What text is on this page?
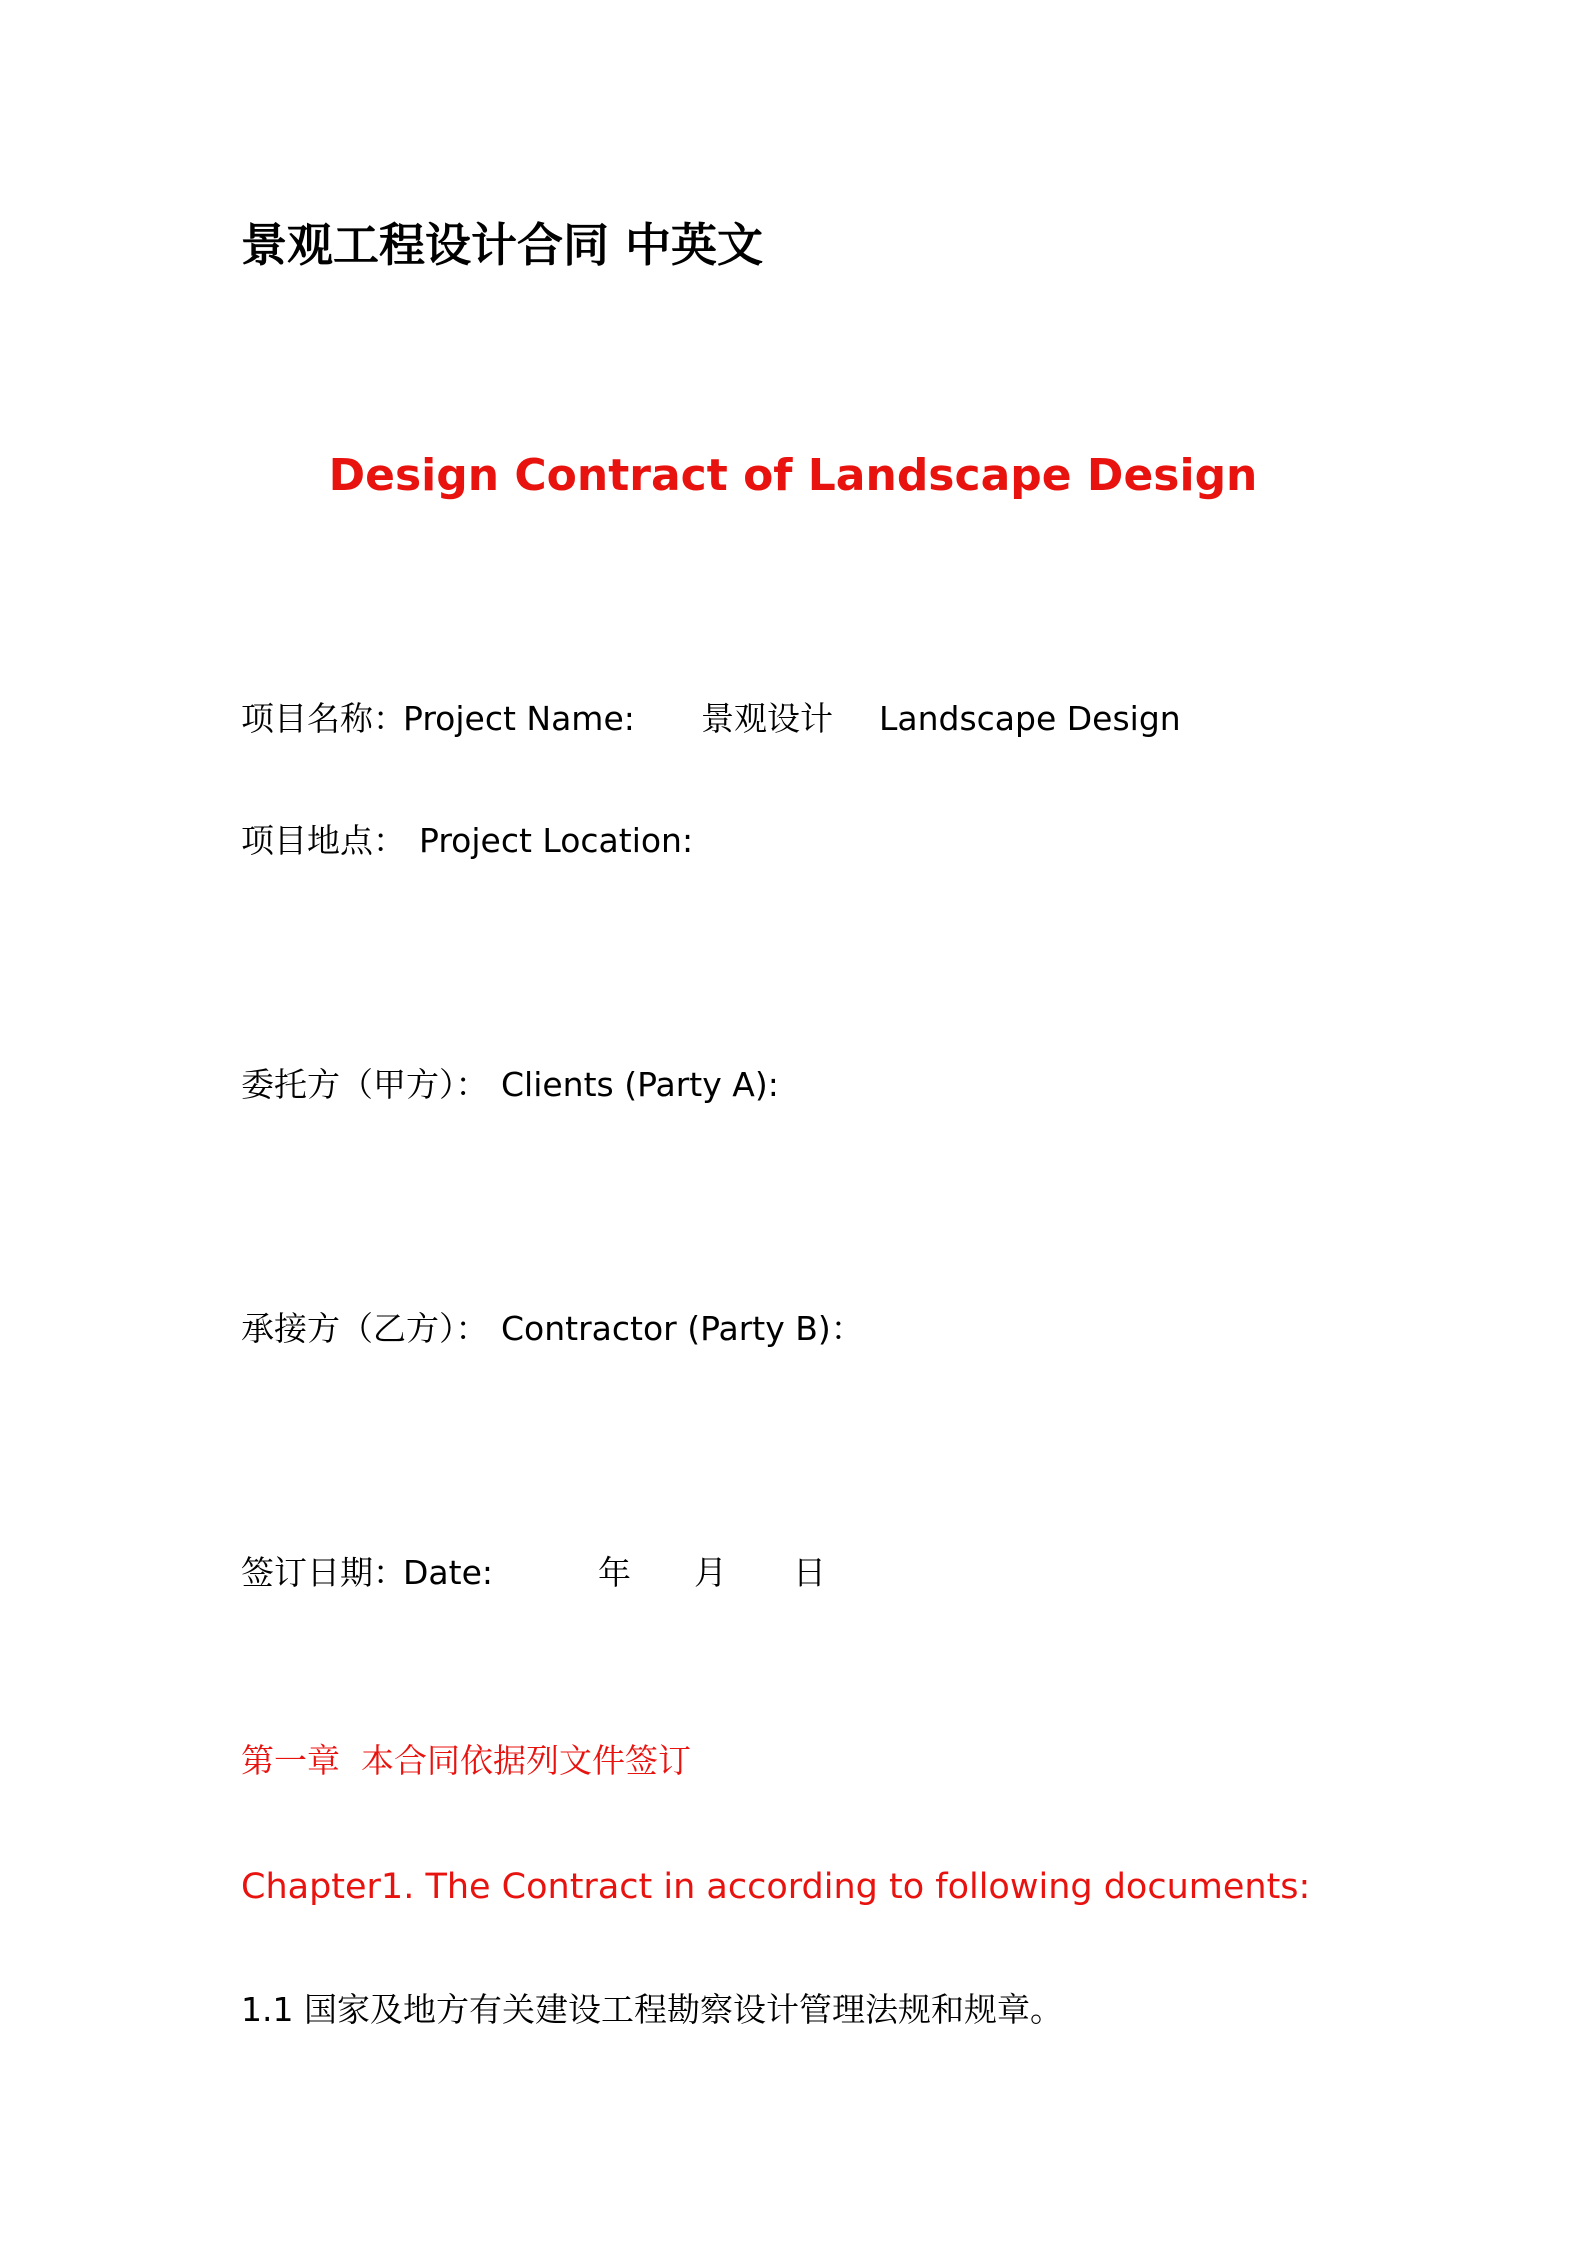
景观工程设计合同 中英文
Design Contract of Landscape Design
项目名称：
Project Name: 景观设计 Landscape Design
项目地点： Project Location:
委托方（甲方）： Clients (Party A):
承接方（乙方）： Contractor (Party B)：
签订日期：
Date:	年 月 日
第一章  本合同依据列文件签订
Chapter1. The Contract in according to following documents:
1.1 国家及地方有关建设工程勘察设计管理法规和规章。
